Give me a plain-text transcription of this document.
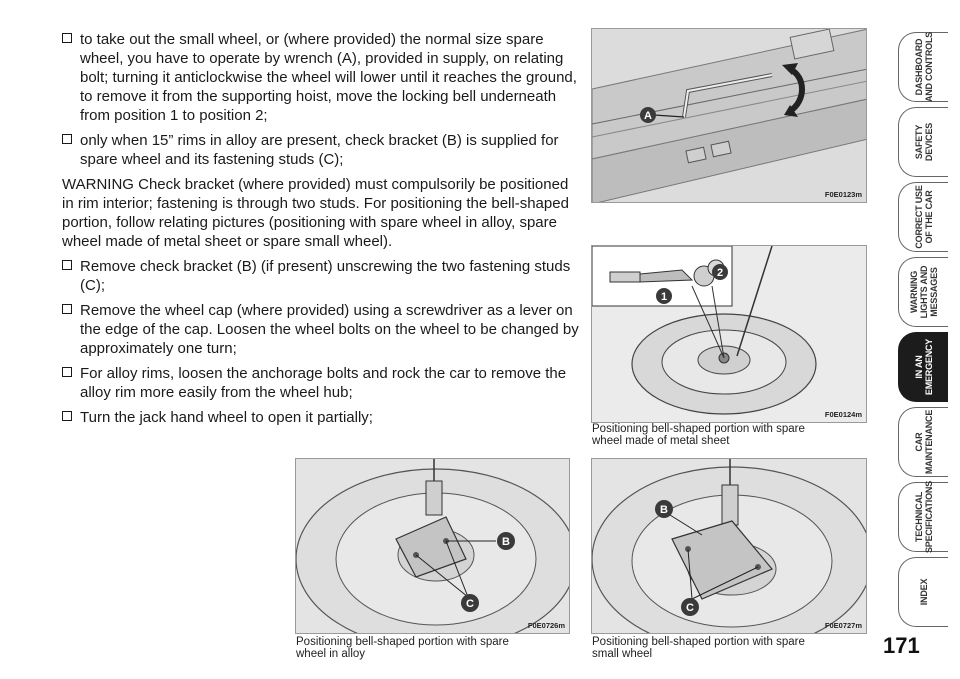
to take out the small wheel, or (where provided) the normal size spare wheel, you have to operate by wrench (A), provided in supply, on relating bolt; turning it anticlockwise the wheel will lower until it reaches the ground, to remove it from the supporting hoist, move the locking bell underneath from position 1 to position 2;
only when 15” rims in alloy are present, check bracket (B) is supplied for spare wheel and its fastening studs (C);
WARNING Check bracket (where provided) must compulsorily be positioned in rim interior; fastening is through two studs. For positioning the bell-shaped portion, follow relating pictures (positioning with spare wheel in alloy, spare wheel made of metal sheet or spare small wheel).
Remove check bracket (B) (if present) unscrewing the two fastening studs (C);
Remove the wheel cap (where provided) using a screwdriver as a lever on the edge of the cap. Loosen the wheel bolts on the wheel to be changed by approximately one turn;
For alloy rims, loosen the anchorage bolts and rock the car to remove the alloy rim more easily from the wheel hub;
Turn the jack hand wheel to open it partially;
A
F0E0123m
2
1
F0E0124m
Positioning bell-shaped portion with spare wheel made of metal sheet
B
C
F0E0726m
Positioning bell-shaped portion with spare wheel in alloy
B
C
F0E0727m
Positioning bell-shaped portion with spare small wheel
DASHBOARD AND CONTROLS
SAFETY DEVICES
CORRECT USE OF THE CAR
WARNING LIGHTS AND MESSAGES
IN AN EMERGENCY
CAR MAINTENANCE
TECHNICAL SPECIFICATIONS
INDEX
171
